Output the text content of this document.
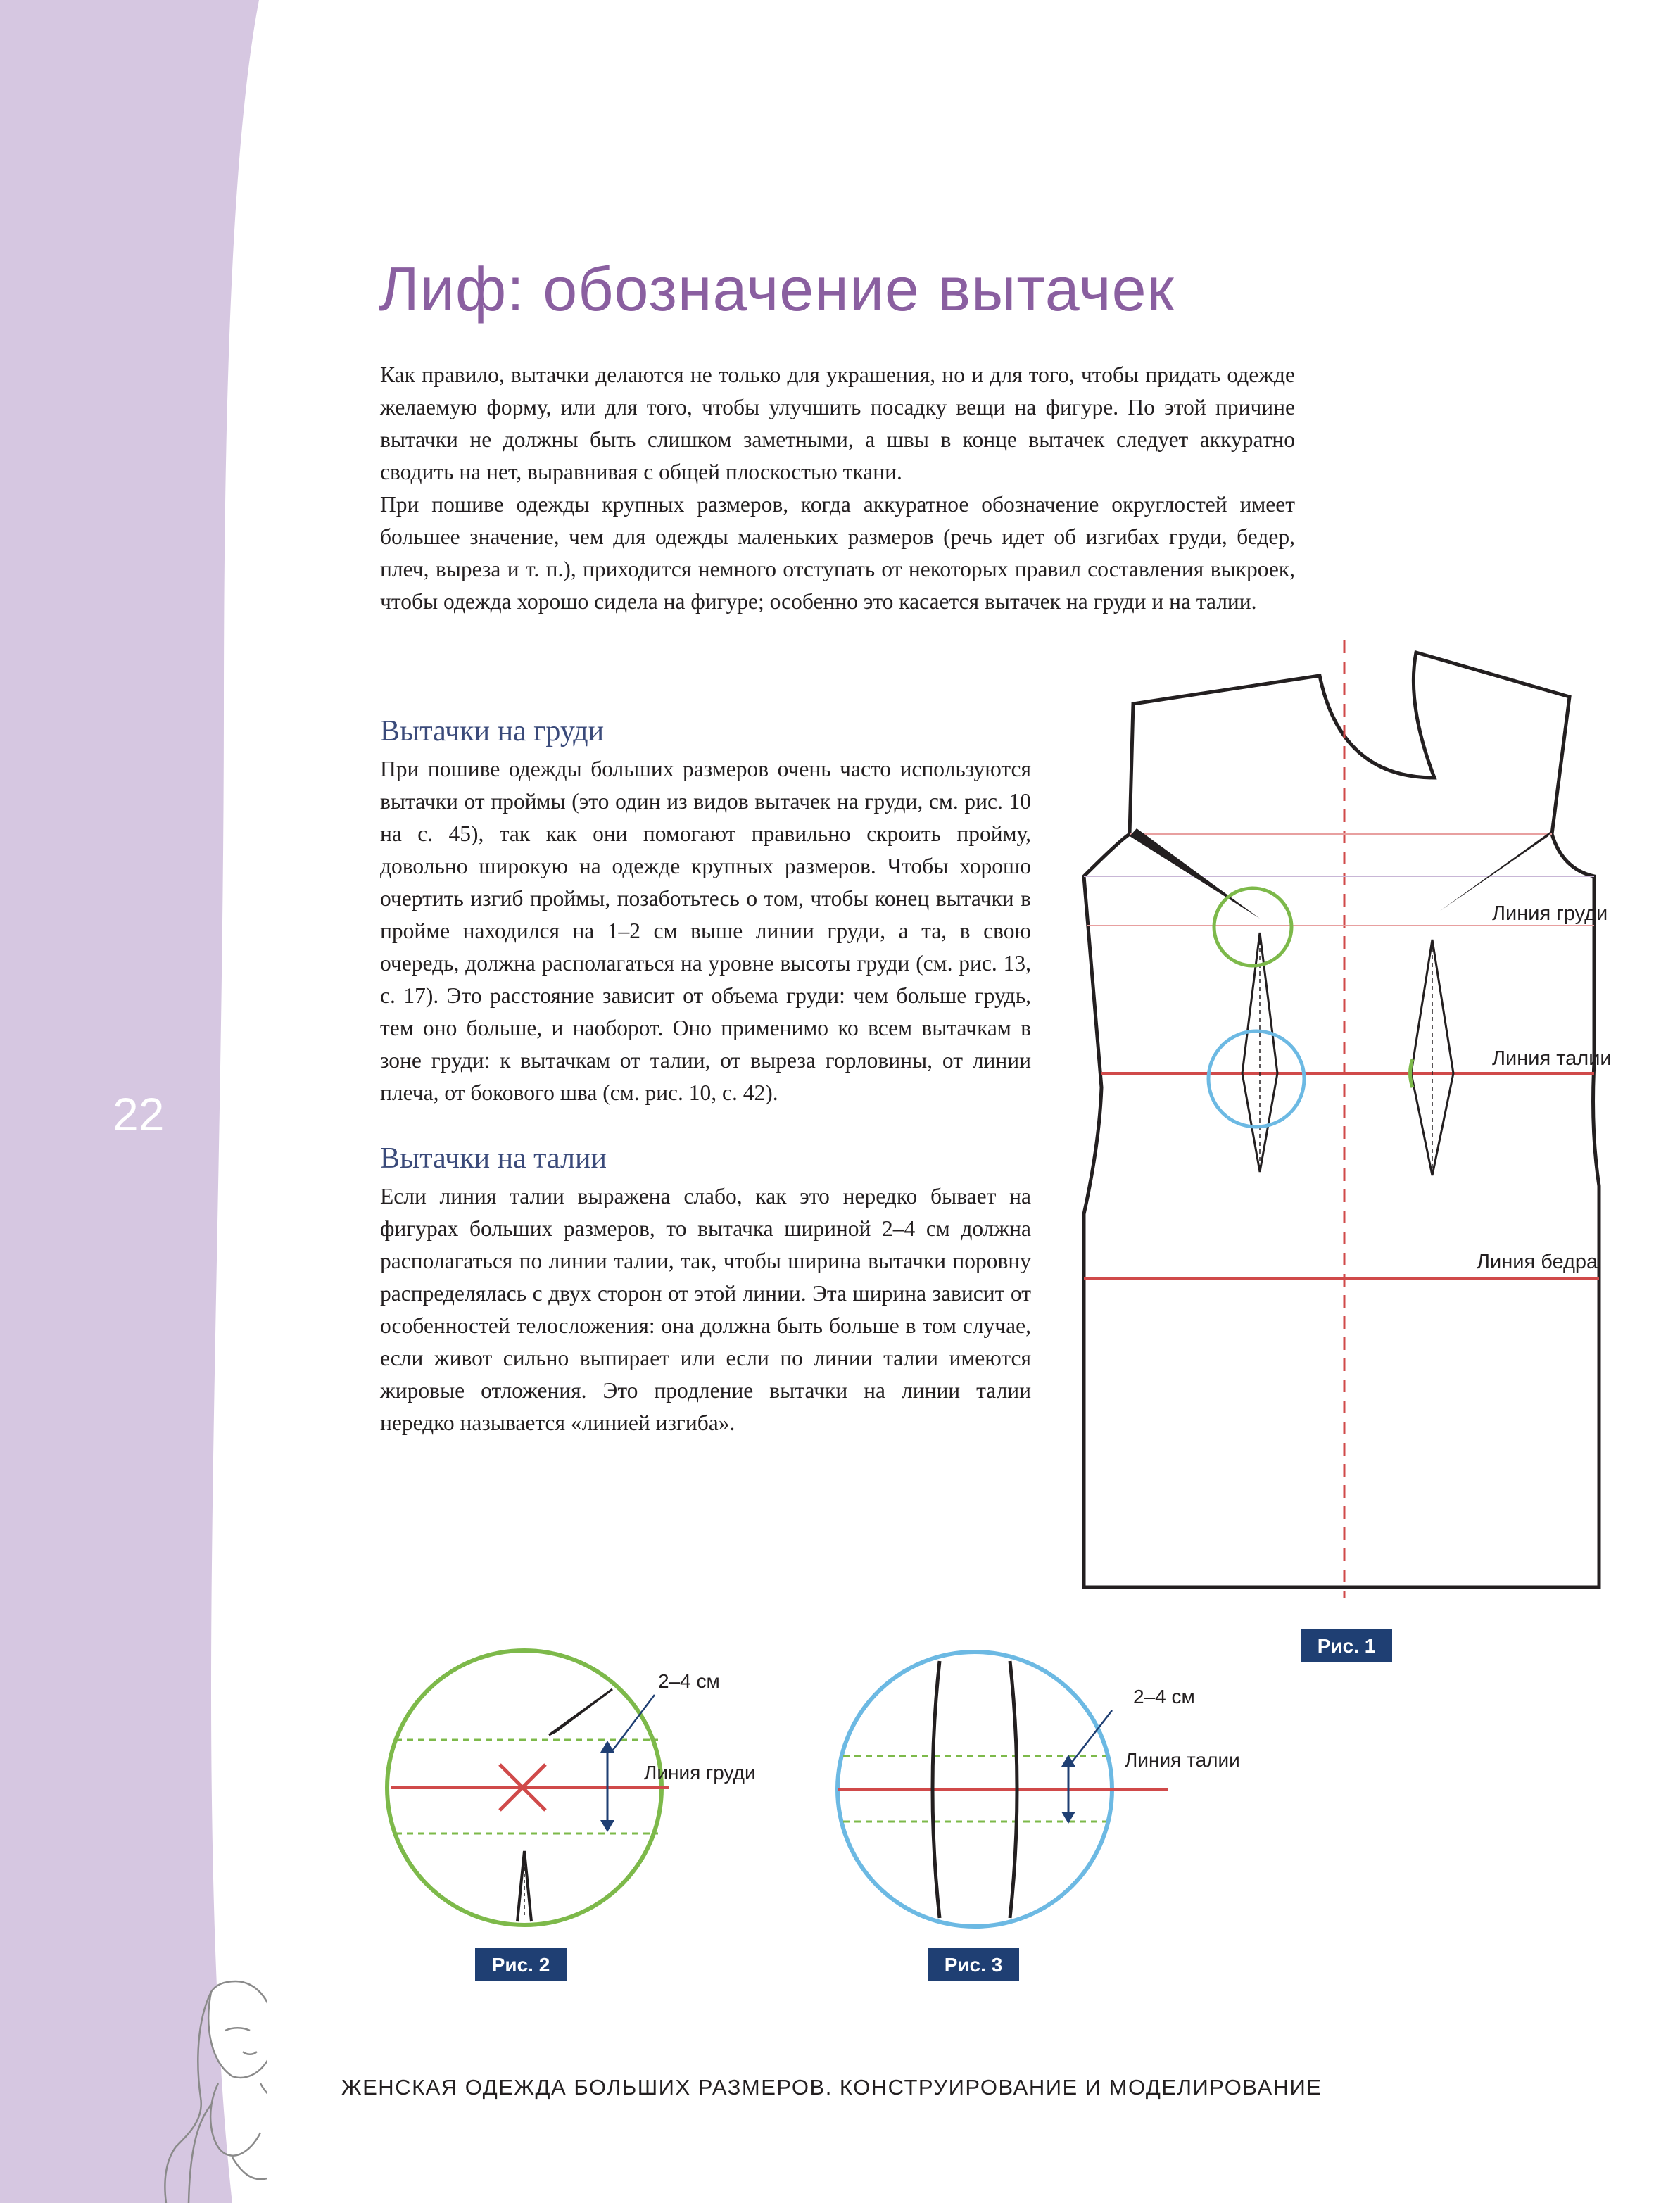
22
Лиф: обозначение вытачек

Как правило, вытачки делаются не только для украшения, но и для того, чтобы придать одежде желаемую форму, или для того, чтобы улучшить посадку вещи на фигуре. По этой причине вытачки не должны быть слишком заметными, а швы в конце вытачек следует аккуратно сводить на нет, выравнивая с общей плоскостью ткани.

При пошиве одежды крупных размеров, когда аккуратное обозначение округлостей имеет большее значение, чем для одежды маленьких размеров (речь идет об изгибах груди, бедер, плеч, выреза и т. п.), приходится немного отступать от некоторых правил составления выкроек, чтобы одежда хорошо сидела на фигуре; особенно это касается вытачек на груди и на талии.

Вытачки на груди

При пошиве одежды больших размеров очень часто используются вытачки от проймы (это один из видов вытачек на груди, см. рис. 10 на с. 45), так как они помогают правильно скроить пройму, довольно широкую на одежде крупных размеров. Чтобы хорошо очертить изгиб проймы, позаботьтесь о том, чтобы конец вытачки в пройме находился на 1–2 см выше линии груди, а та, в свою очередь, должна располагаться на уровне высоты груди (см. рис. 13, с. 17). Это расстояние зависит от объема груди: чем больше грудь, тем оно больше, и наоборот. Оно применимо ко всем вытачкам в зоне груди: к вытачкам от талии, от выреза горловины, от линии плеча, от бокового шва (см. рис. 10, с. 42).

Вытачки на талии

Если линия талии выражена слабо, как это нередко бывает на фигурах больших размеров, то вытачка шириной 2–4 см должна располагаться по линии талии, так, чтобы ширина вытачки поровну распределялась с двух сторон от этой линии. Эта ширина зависит от особенностей телосложения: она должна быть больше в том случае, если живот сильно выпирает или если по линии талии имеются жировые отложения. Это продление вытачки на линии талии нередко называется «линией изгиба».

Линия груди
Линия талии
Линия бедра
Рис. 1
2–4 см
Линия груди
Рис. 2
2–4 см
Линия талии
Рис. 3

ЖЕНСКАЯ ОДЕЖДА БОЛЬШИХ РАЗМЕРОВ. КОНСТРУИРОВАНИЕ И МОДЕЛИРОВАНИЕ
